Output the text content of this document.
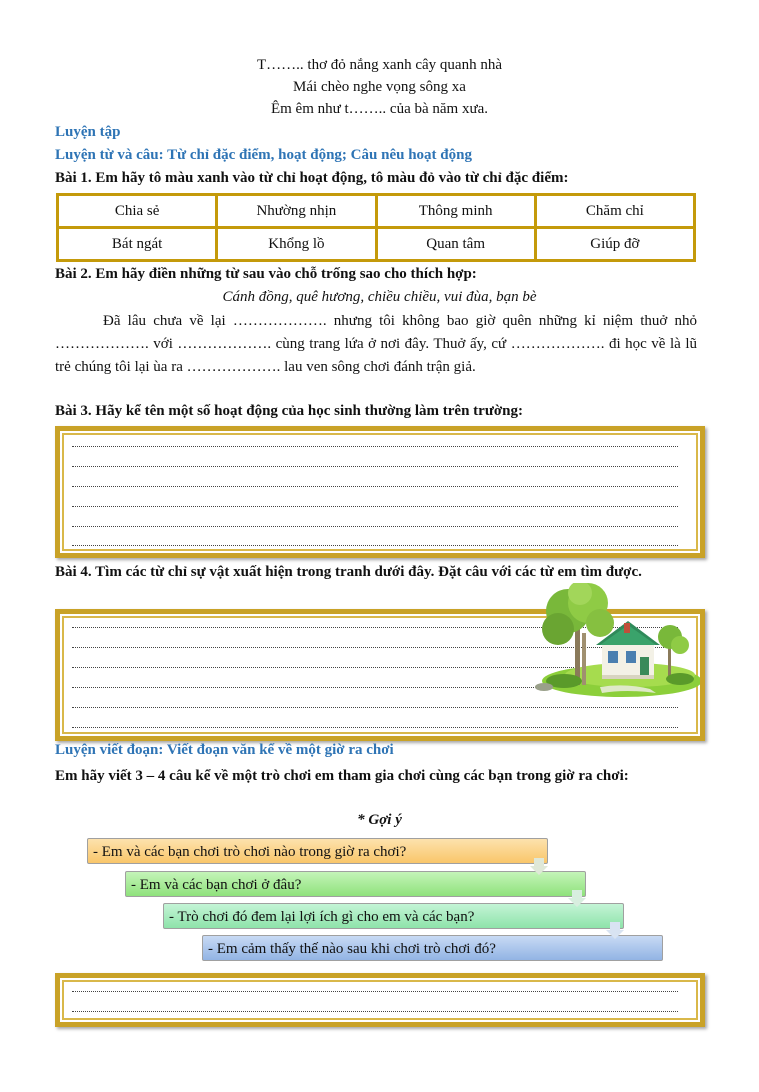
T…….. thơ đỏ nắng xanh cây quanh nhà
Mái chèo nghe vọng sông xa
Êm êm như t…….. của bà năm xưa.
Luyện tập
Luyện từ và câu: Từ chỉ đặc điểm, hoạt động; Câu nêu hoạt động
Bài 1. Em hãy tô màu xanh vào từ chỉ hoạt động, tô màu đỏ vào từ chỉ đặc điểm:
Chia sẻ	Nhường nhịn	Thông minh	Chăm chỉ
Bát ngát	Khổng lồ	Quan tâm	Giúp đỡ
Bài 2. Em hãy điền những từ sau vào chỗ trống sao cho thích hợp:
Cánh đồng, quê hương, chiều chiều, vui đùa, bạn bè
Đã lâu chưa về lại ………………. nhưng tôi không bao giờ quên những kỉ niệm thuở nhỏ ………………. với ………………. cùng trang lứa ở nơi đây. Thuở ấy, cứ ………………. đi học về là lũ trẻ chúng tôi lại ùa ra ………………. lau ven sông chơi đánh trận giả.
Bài 3. Hãy kể tên một số hoạt động của học sinh thường làm trên trường:
Bài 4. Tìm các từ chỉ sự vật xuất hiện trong tranh dưới đây. Đặt câu với các từ em tìm được.
Luyện viết đoạn: Viết đoạn văn kể về một giờ ra chơi
Em hãy viết 3 – 4 câu kể về một trò chơi em tham gia chơi cùng các bạn trong giờ ra chơi:
* Gợi ý
- Em và các bạn chơi trò chơi nào trong giờ ra chơi?
- Em và các bạn chơi ở đâu?
- Trò chơi đó đem lại lợi ích gì cho em và các bạn?
- Em cảm thấy thế nào sau khi chơi trò chơi đó?
